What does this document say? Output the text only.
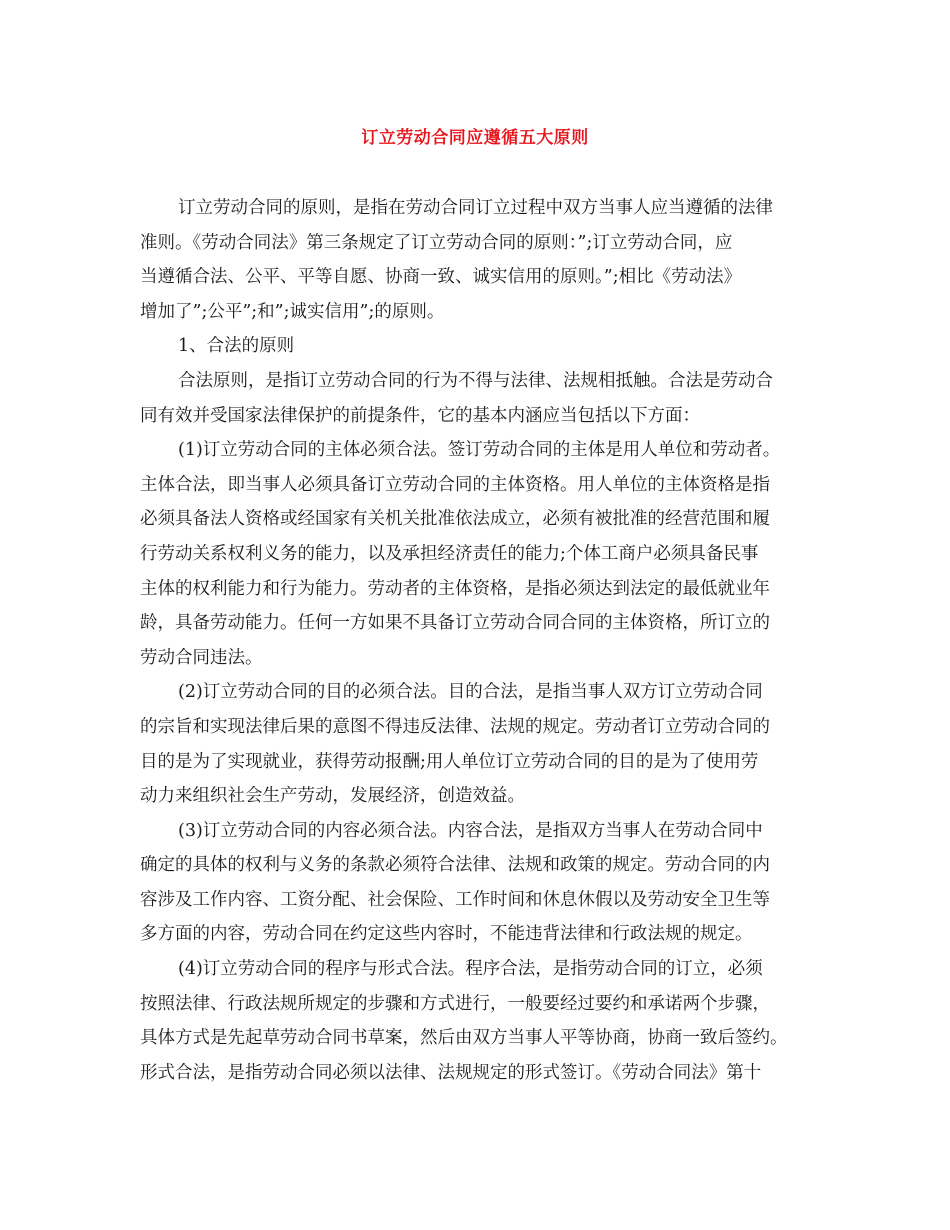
订立劳动合同应遵循五大原则
订立劳动合同的原则，是指在劳动合同订立过程中双方当事人应当遵循的法律
准则。《劳动合同法》第三条规定了订立劳动合同的原则：”;订立劳动合同，应
当遵循合法、公平、平等自愿、协商一致、诚实信用的原则。”;相比《劳动法》
增加了”;公平”;和”;诚实信用”;的原则。
1、合法的原则
合法原则，是指订立劳动合同的行为不得与法律、法规相抵触。合法是劳动合
同有效并受国家法律保护的前提条件，它的基本内涵应当包括以下方面：
(1)订立劳动合同的主体必须合法。签订劳动合同的主体是用人单位和劳动者。
主体合法，即当事人必须具备订立劳动合同的主体资格。用人单位的主体资格是指
必须具备法人资格或经国家有关机关批准依法成立，必须有被批准的经营范围和履
行劳动关系权利义务的能力，以及承担经济责任的能力;个体工商户必须具备民事
主体的权利能力和行为能力。劳动者的主体资格，是指必须达到法定的最低就业年
龄，具备劳动能力。任何一方如果不具备订立劳动合同合同的主体资格，所订立的
劳动合同违法。
(2)订立劳动合同的目的必须合法。目的合法，是指当事人双方订立劳动合同
的宗旨和实现法律后果的意图不得违反法律、法规的规定。劳动者订立劳动合同的
目的是为了实现就业，获得劳动报酬;用人单位订立劳动合同的目的是为了使用劳
动力来组织社会生产劳动，发展经济，创造效益。
(3)订立劳动合同的内容必须合法。内容合法，是指双方当事人在劳动合同中
确定的具体的权利与义务的条款必须符合法律、法规和政策的规定。劳动合同的内
容涉及工作内容、工资分配、社会保险、工作时间和休息休假以及劳动安全卫生等
多方面的内容，劳动合同在约定这些内容时，不能违背法律和行政法规的规定。
(4)订立劳动合同的程序与形式合法。程序合法，是指劳动合同的订立，必须
按照法律、行政法规所规定的步骤和方式进行，一般要经过要约和承诺两个步骤，
具体方式是先起草劳动合同书草案，然后由双方当事人平等协商，协商一致后签约。
形式合法，是指劳动合同必须以法律、法规规定的形式签订。《劳动合同法》第十
